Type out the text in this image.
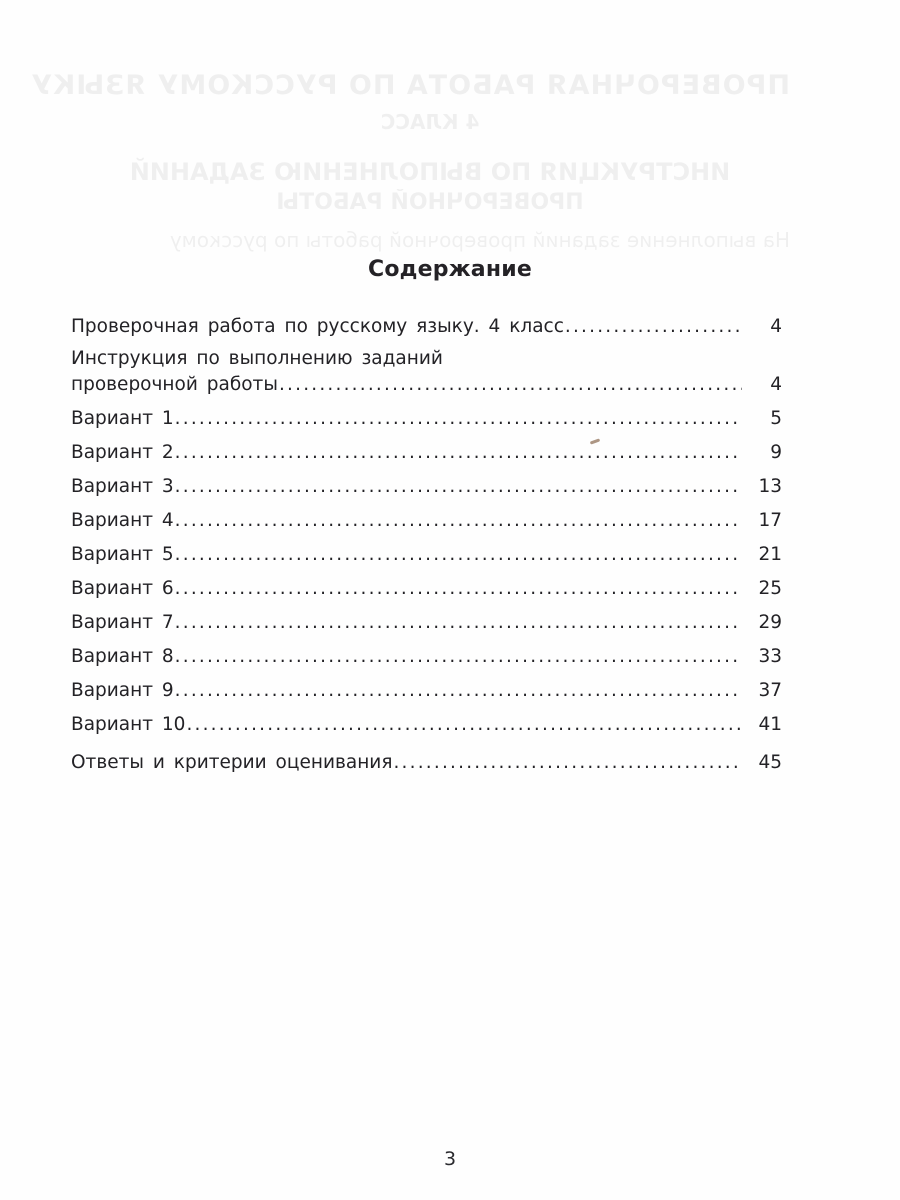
ПРОВЕРОЧНАЯ РАБОТА ПО РУССКОМУ ЯЗЫКУ
4 КЛАСС
ИНСТРУКЦИЯ ПО ВЫПОЛНЕНИЮ ЗАДАНИЙ
ПРОВЕРОЧНОЙ РАБОТЫ
На выполнение заданий проверочной работы по русскому
Содержание
Проверочная работа по русскому языку. 4 класс .....	4
Инструкция по выполнению заданий
проверочной работы .....	4
Вариант 1 .....	5
Вариант 2 .....	9
Вариант 3 .....	13
Вариант 4 .....	17
Вариант 5 .....	21
Вариант 6 .....	25
Вариант 7 .....	29
Вариант 8 .....	33
Вариант 9 .....	37
Вариант 10 .....	41
Ответы и критерии оценивания .....	45
3
